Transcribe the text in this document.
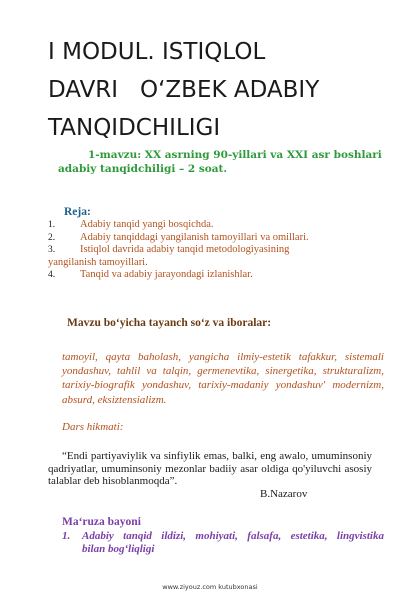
I MODUL. ISTIQLOL
DAVRI   O‘ZBEK ADABIY
TANQIDCHILIGI
1-mavzu: XX asrning 90-yillari va XXI asr boshlari
adabiy tanqidchiligi – 2 soat.
Reja:
1. Adabiy tanqid yangi bosqichda.
2. Adabiy tanqiddagi yangilanish tamoyillari va omillari.
3. Istiqlol davrida adabiy tanqid metodologiyasining
yangilanish tamoyillari.
4. Tanqid va adabiy jarayondagi izlanishlar.
Mavzu bo‘yicha tayanch so‘z va iboralar:

tamoyil, qayta baholash, yangicha ilmiy-estetik tafakkur, sistemali yondashuv, tahlil va talqin, germenevtika, sinergetika, strukturalizm, tarixiy-biografik yondashuv, tarixiy-madaniy yondashuv' modernizm, absurd, eksiztensializm.

Dars hikmati:

“Endi partiyaviylik va sinfiylik emas, balki, eng awalo, umuminsoniy qadriyatlar, umuminsoniy mezonlar badiiy asar oldiga qo'yiluvchi asosiy talablar deb hisoblanmoqda”.

B.Nazarov
Ma‘ruza bayoni
1.	Adabiy tanqid ildizi, mohiyati, falsafa, estetika, lingvistika
bilan bog‘liqligi
www.ziyouz.com kutubxonasi
